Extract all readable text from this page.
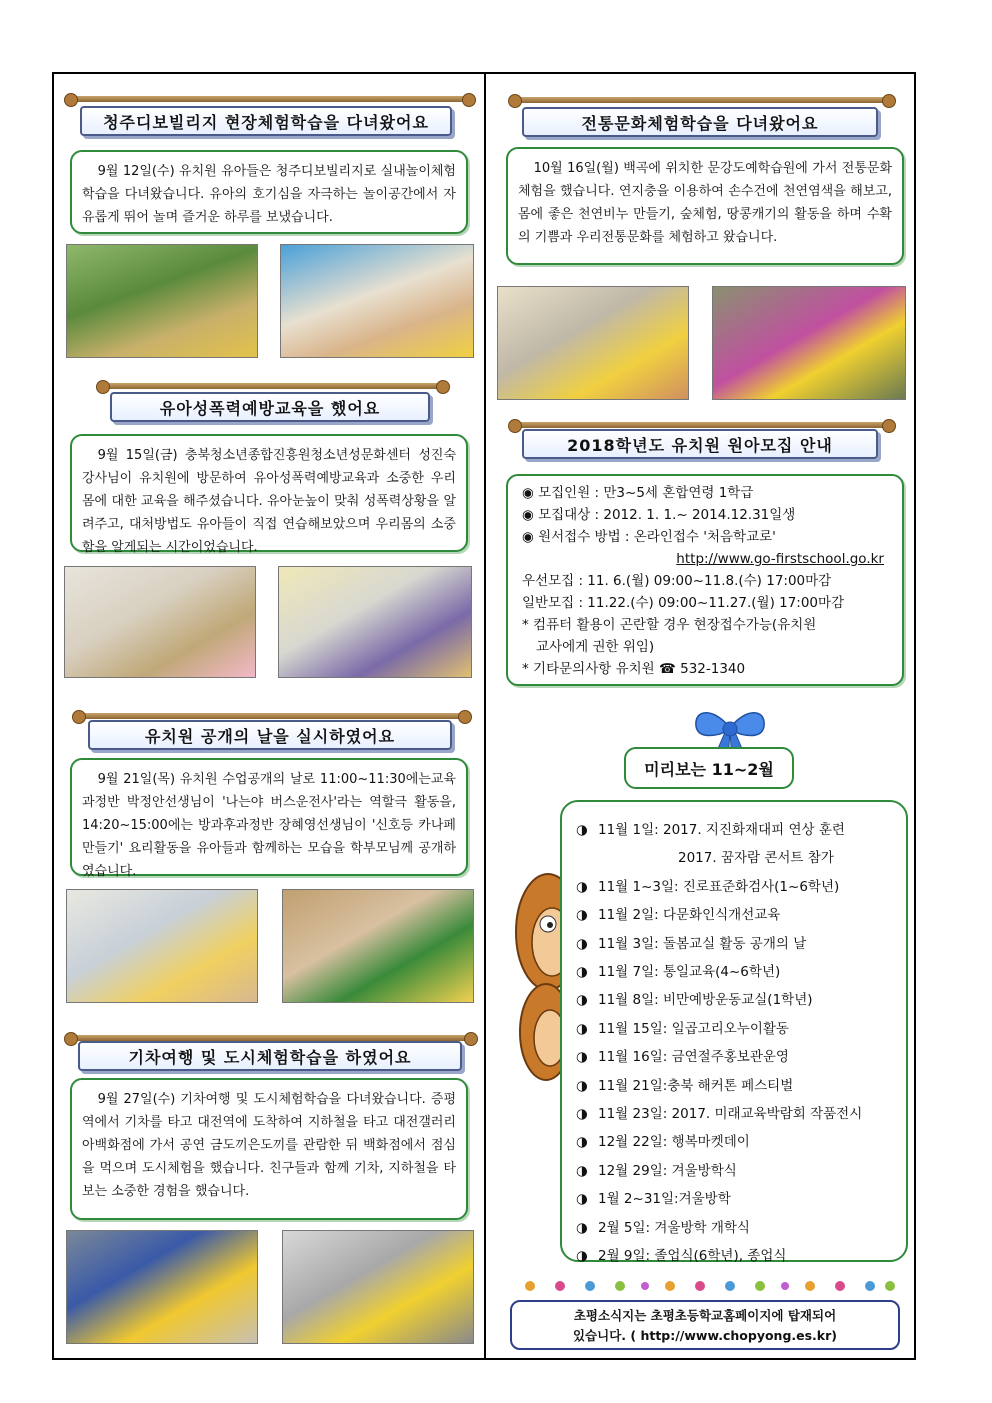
청주디보빌리지 현장체험학습을 다녀왔어요

9월 12일(수) 유치원 유아들은 청주디보빌리지로 실내놀이체험학습을 다녀왔습니다. 유아의 호기심을 자극하는 놀이공간에서 자유롭게 뛰어 놀며 즐거운 하루를 보냈습니다.

유아성폭력예방교육을 했어요

9월 15일(금) 충북청소년종합진흥원청소년성문화센터 성진숙강사님이 유치원에 방문하여 유아성폭력예방교육과 소중한 우리 몸에 대한 교육을 해주셨습니다. 유아눈높이 맞춰 성폭력상황을 알려주고, 대처방법도 유아들이 직접 연습해보았으며 우리몸의 소중함을 알게되는 시간이었습니다.

유치원 공개의 날을 실시하였어요

9월 21일(목) 유치원 수업공개의 날로 11:00~11:30에는교육과정반 박정안선생님이 '나는야 버스운전사'라는 역할극 활동을, 14:20~15:00에는 방과후과정반 장혜영선생님이 '신호등 카나페 만들기' 요리활동을 유아들과 함께하는 모습을 학부모님께 공개하였습니다.

기차여행 및 도시체험학습을 하였어요

9월 27일(수) 기차여행 및 도시체험학습을 다녀왔습니다. 증평역에서 기차를 타고 대전역에 도착하여 지하철을 타고 대전갤러리아백화점에 가서 공연 금도끼은도끼를 관람한 뒤 백화점에서 점심을 먹으며 도시체험을 했습니다. 친구들과 함께 기차, 지하철을 타보는 소중한 경험을 했습니다.

전통문화체험학습을 다녀왔어요

10월 16일(월) 백곡에 위치한 문강도예학습원에 가서 전통문화체험을 했습니다. 연지충을 이용하여 손수건에 천연염색을 해보고, 몸에 좋은 천연비누 만들기, 숲체험, 땅콩캐기의 활동을 하며 수확의 기쁨과 우리전통문화를 체험하고 왔습니다.

2018학년도 유치원 원아모집 안내
◉ 모집인원 : 만3~5세 혼합연령 1학급
◉ 모집대상 : 2012. 1. 1.~ 2014.12.31일생
◉ 원서접수 방법 : 온라인접수 '처음학교로'
http://www.go-firstschool.go.kr
우선모집 : 11. 6.(월) 09:00~11.8.(수) 17:00마감
일반모집 : 11.22.(수) 09:00~11.27.(월) 17:00마감
* 컴퓨터 활용이 곤란할 경우 현장접수가능(유치원
교사에게 권한 위임)
* 기타문의사항 유치원 ☎ 532-1340
미리보는 11~2월
◑ 11월 1일: 2017. 지진화재대피 연상 훈련
2017. 꿈자람 콘서트 참가
◑ 11월 1~3일: 진로표준화검사(1~6학년)
◑ 11월 2일: 다문화인식개선교육
◑ 11월 3일: 돌봄교실 활동 공개의 날
◑ 11월 7일: 통일교육(4~6학년)
◑ 11월 8일: 비만예방운동교실(1학년)
◑ 11월 15일: 일곱고리오누이활동
◑ 11월 16일: 금연절주홍보관운영
◑ 11월 21일:충북 해커톤 페스티벌
◑ 11월 23일: 2017. 미래교육박람회 작품전시
◑ 12월 22일: 행복마켓데이
◑ 12월 29일: 겨울방학식
◑ 1월 2~31일:겨울방학
◑ 2월 5일: 겨울방학 개학식
◑ 2월 9일: 졸업식(6학년), 종업식
초평소식지는 초평초등학교홈페이지에 탑재되어
있습니다. ( http://www.chopyong.es.kr)
